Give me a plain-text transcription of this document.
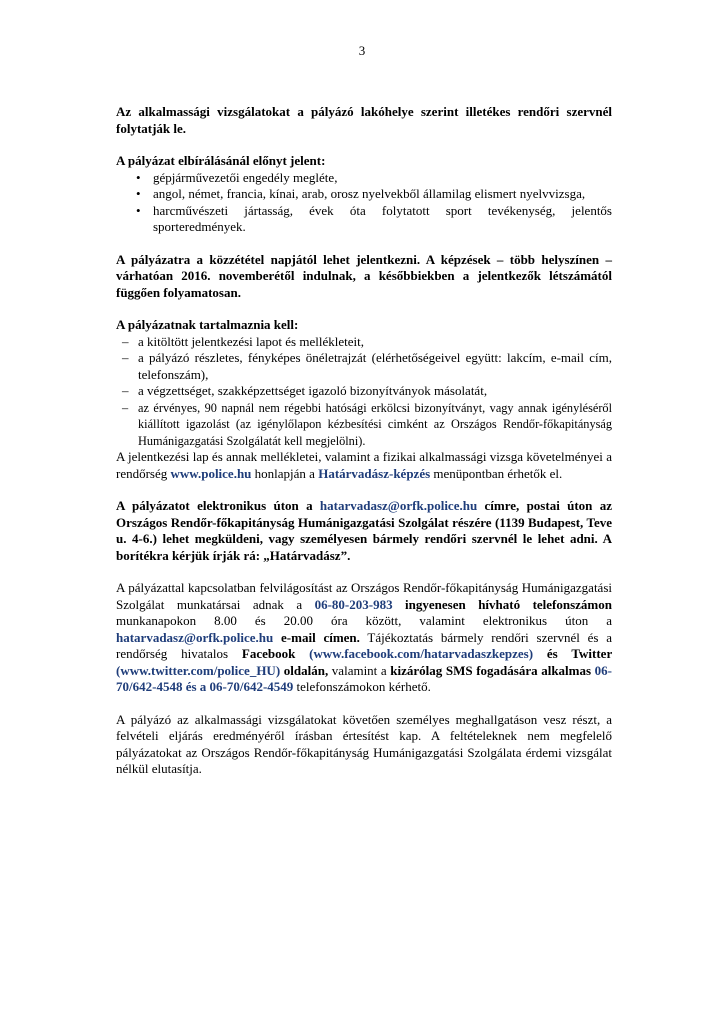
3

Az alkalmassági vizsgálatokat a pályázó lakóhelye szerint illetékes rendőri szervnél folytatják le.

A pályázat elbírálásánál előnyt jelent:

• gépjárművezetői engedély megléte,
• angol, német, francia, kínai, arab, orosz nyelvekből államilag elismert nyelvvizsga,
• harcművészeti jártasság, évek óta folytatott sport tevékenység, jelentős sporteredmények.

A pályázatra a közzététel napjától lehet jelentkezni. A képzések – több helyszínen – várhatóan 2016. novemberétől indulnak, a későbbiekben a jelentkezők létszámától függően folyamatosan.

A pályázatnak tartalmaznia kell:

– a kitöltött jelentkezési lapot és mellékleteit,
– a pályázó részletes, fényképes önéletrajzát (elérhetőségeivel együtt: lakcím, e-mail cím, telefonszám),
– a végzettséget, szakképzettséget igazoló bizonyítványok másolatát,
– az érvényes, 90 napnál nem régebbi hatósági erkölcsi bizonyítványt, vagy annak igényléséről kiállított igazolást (az igénylőlapon kézbesítési cimként az Országos Rendőr-főkapitányság Humánigazgatási Szolgálatát kell megjelölni).

A jelentkezési lap és annak mellékletei, valamint a fizikai alkalmassági vizsga követelményei a rendőrség www.police.hu honlapján a Határvadász-képzés menüpontban érhetők el.

A pályázatot elektronikus úton a hatarvadasz@orfk.police.hu címre, postai úton az Országos Rendőr-főkapitányság Humánigazgatási Szolgálat részére (1139 Budapest, Teve u. 4-6.) lehet megküldeni, vagy személyesen bármely rendőri szervnél le lehet adni. A borítékra kérjük írják rá: „Határvadász”.

A pályázattal kapcsolatban felvilágosítást az Országos Rendőr-főkapitányság Humánigazgatási Szolgálat munkatársai adnak a 06-80-203-983 ingyenesen hívható telefonszámon munkanapokon 8.00 és 20.00 óra között, valamint elektronikus úton a hatarvadasz@orfk.police.hu e-mail címen. Tájékoztatás bármely rendőri szervnél és a rendőrség hivatalos Facebook (www.facebook.com/hatarvadaszkepzes) és Twitter (www.twitter.com/police_HU) oldalán, valamint a kizárólag SMS fogadására alkalmas 06-70/642-4548 és a 06-70/642-4549 telefonszámokon kérhető.

A pályázó az alkalmassági vizsgálatokat követően személyes meghallgatáson vesz részt, a felvételi eljárás eredményéről írásban értesítést kap. A feltételeknek nem megfelelő pályázatokat az Országos Rendőr-főkapitányság Humánigazgatási Szolgálata érdemi vizsgálat nélkül elutasítja.
